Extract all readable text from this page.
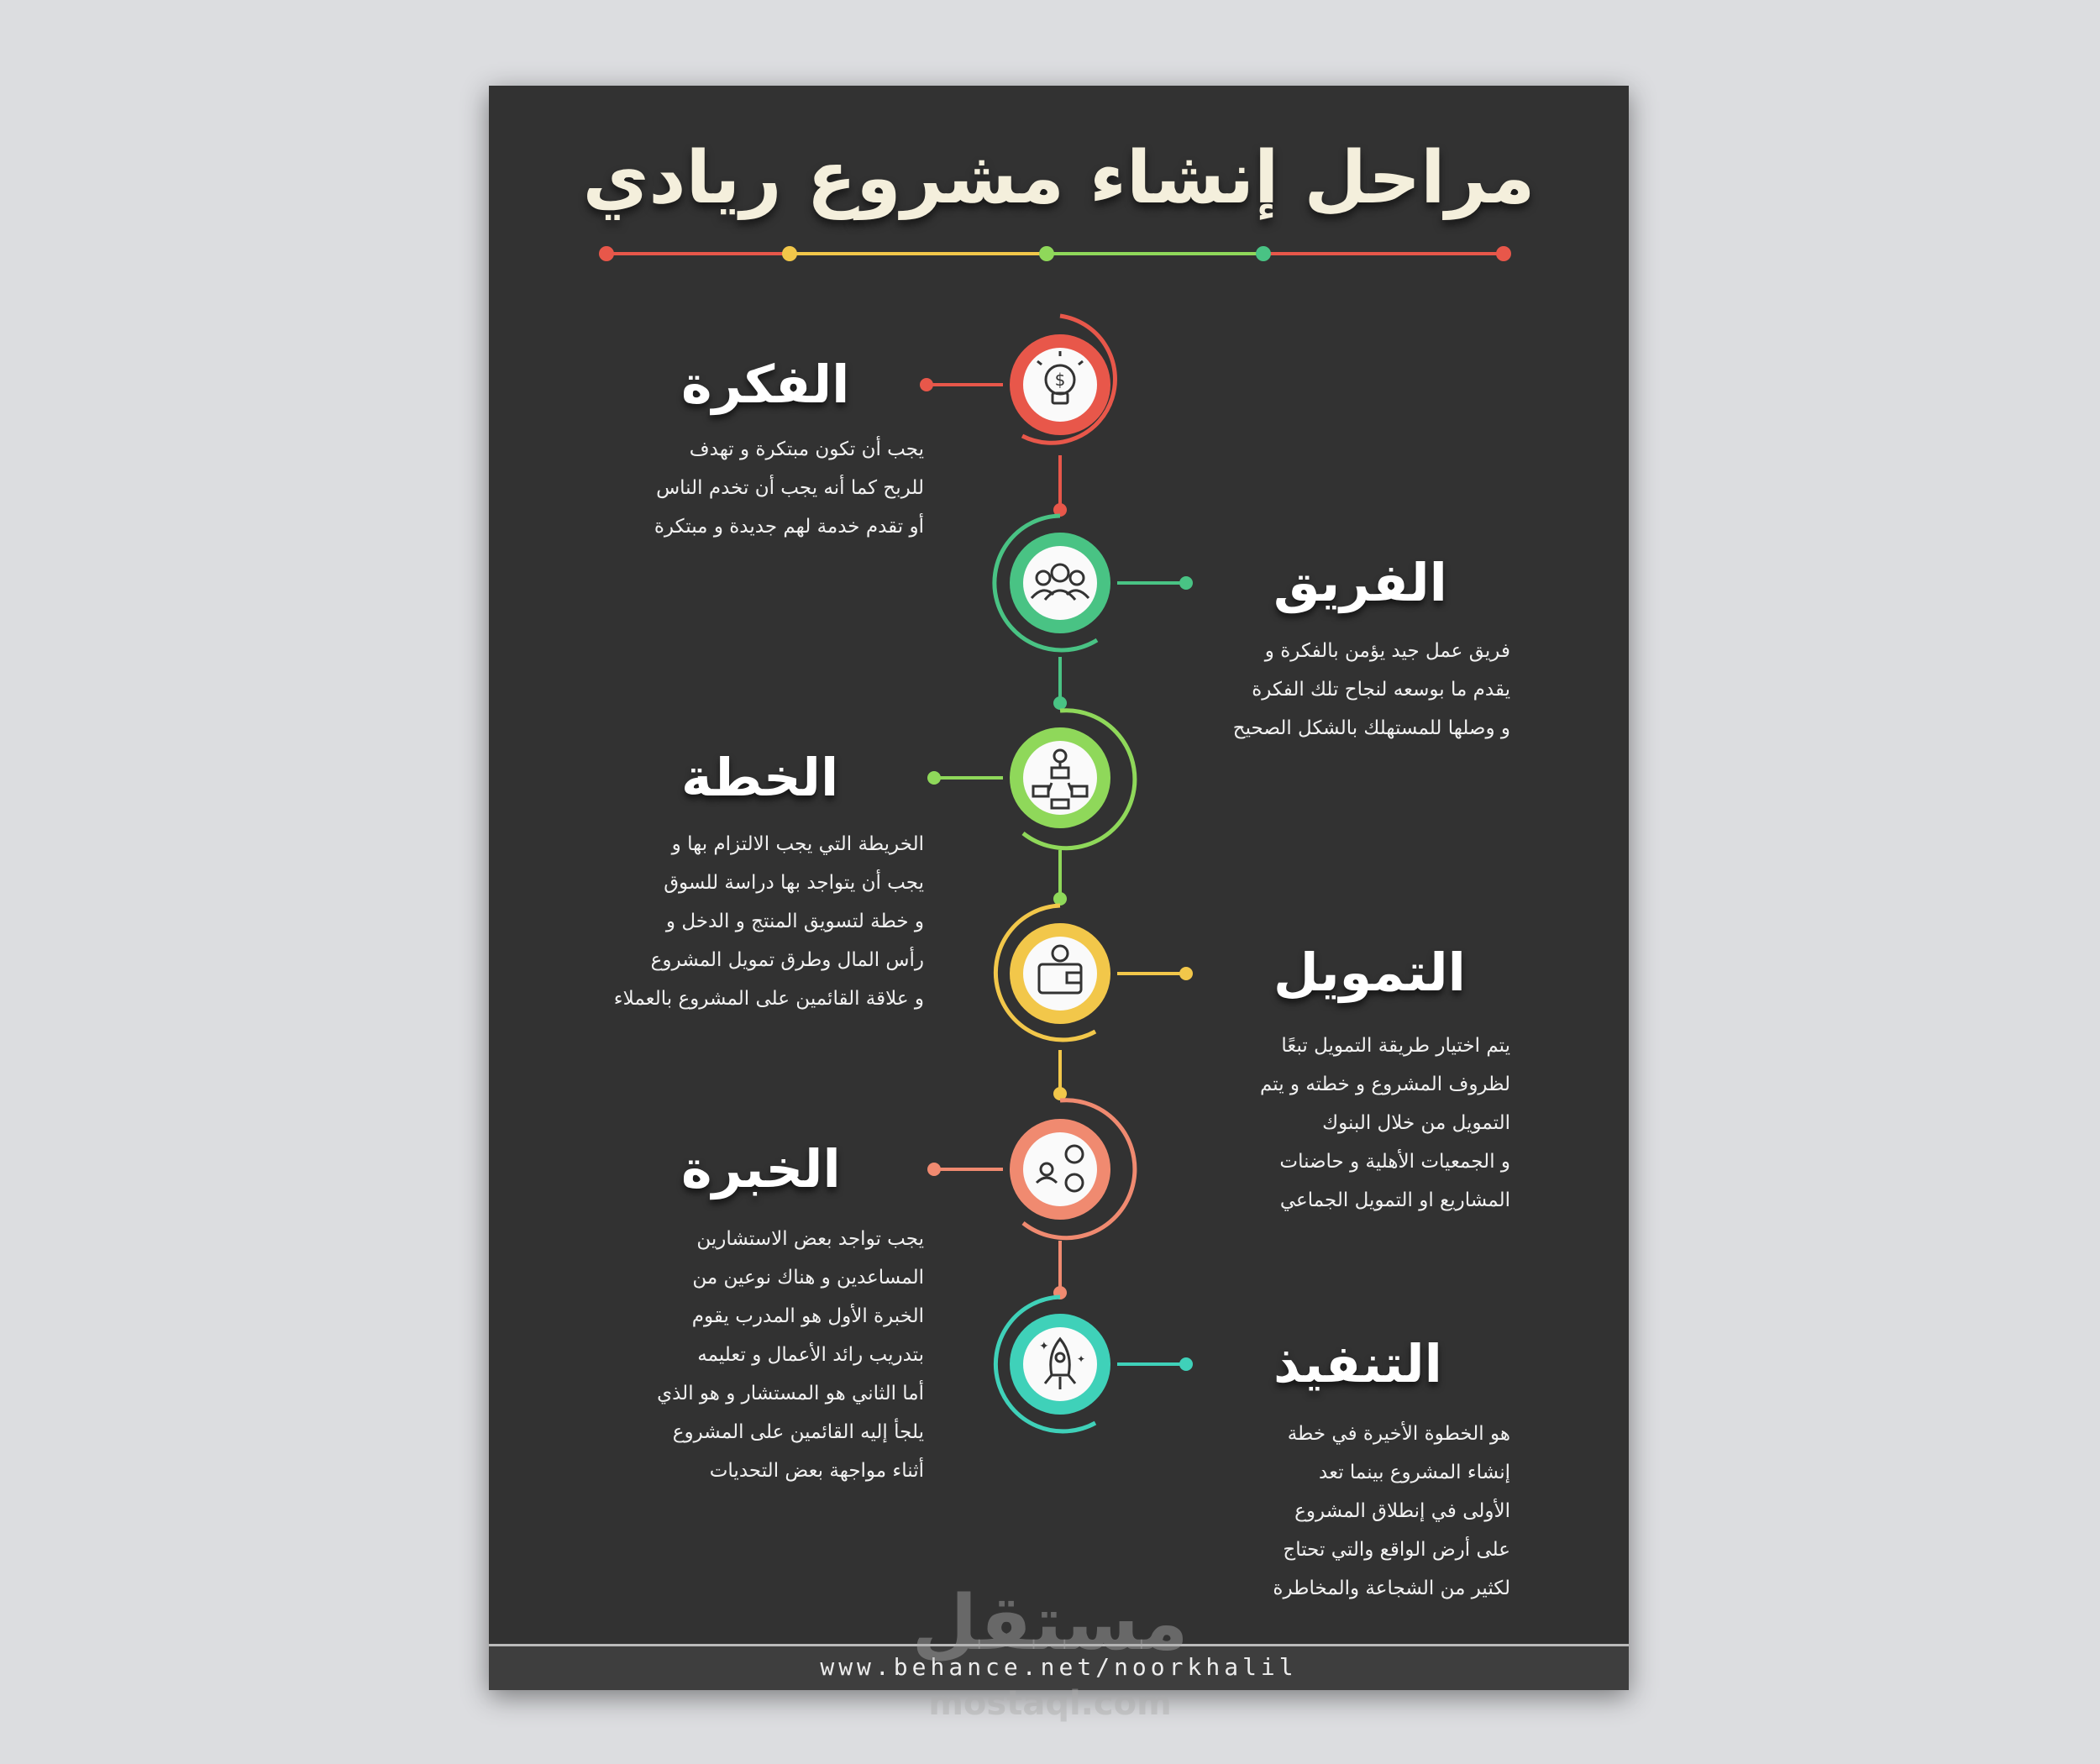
$
✦
✦
مراحل إنشاء مشروع ريادي
الفكرة
يجب أن تكون مبتكرة و تهدف
للربح كما أنه يجب أن تخدم الناس
أو تقدم خدمة لهم جديدة و مبتكرة
الفريق
فريق عمل جيد يؤمن بالفكرة و
يقدم ما بوسعه لنجاح تلك الفكرة
و وصلها للمستهلك بالشكل الصحيح
الخطة
الخريطة التي يجب الالتزام بها و
يجب أن يتواجد بها دراسة للسوق
و خطة لتسويق المنتج و الدخل و
رأس المال وطرق تمويل المشروع
و علاقة القائمين على المشروع بالعملاء	التمويل
يتم اختيار طريقة التمويل تبعًا
لظروف المشروع و خطته و يتم
التمويل من خلال البنوك
و الجمعيات الأهلية و حاضنات
المشاريع او التمويل الجماعي
الخبرة
يجب تواجد بعض الاستشارين
المساعدين و هناك نوعين من
الخبرة الأول هو المدرب يقوم
بتدريب رائد الأعمال و تعليمه
أما الثاني هو المستشار و هو الذي
يلجأ إليه القائمين على المشروع
أثناء مواجهة بعض التحديات
التنفيذ
هو الخطوة الأخيرة في خطة
إنشاء المشروع بينما تعد
الأولى في إنطلاق المشروع
على أرض الواقع والتي تحتاج
لكثير من الشجاعة والمخاطرة
www.behance.net/noorkhalil
مستقل
mostaql.com
